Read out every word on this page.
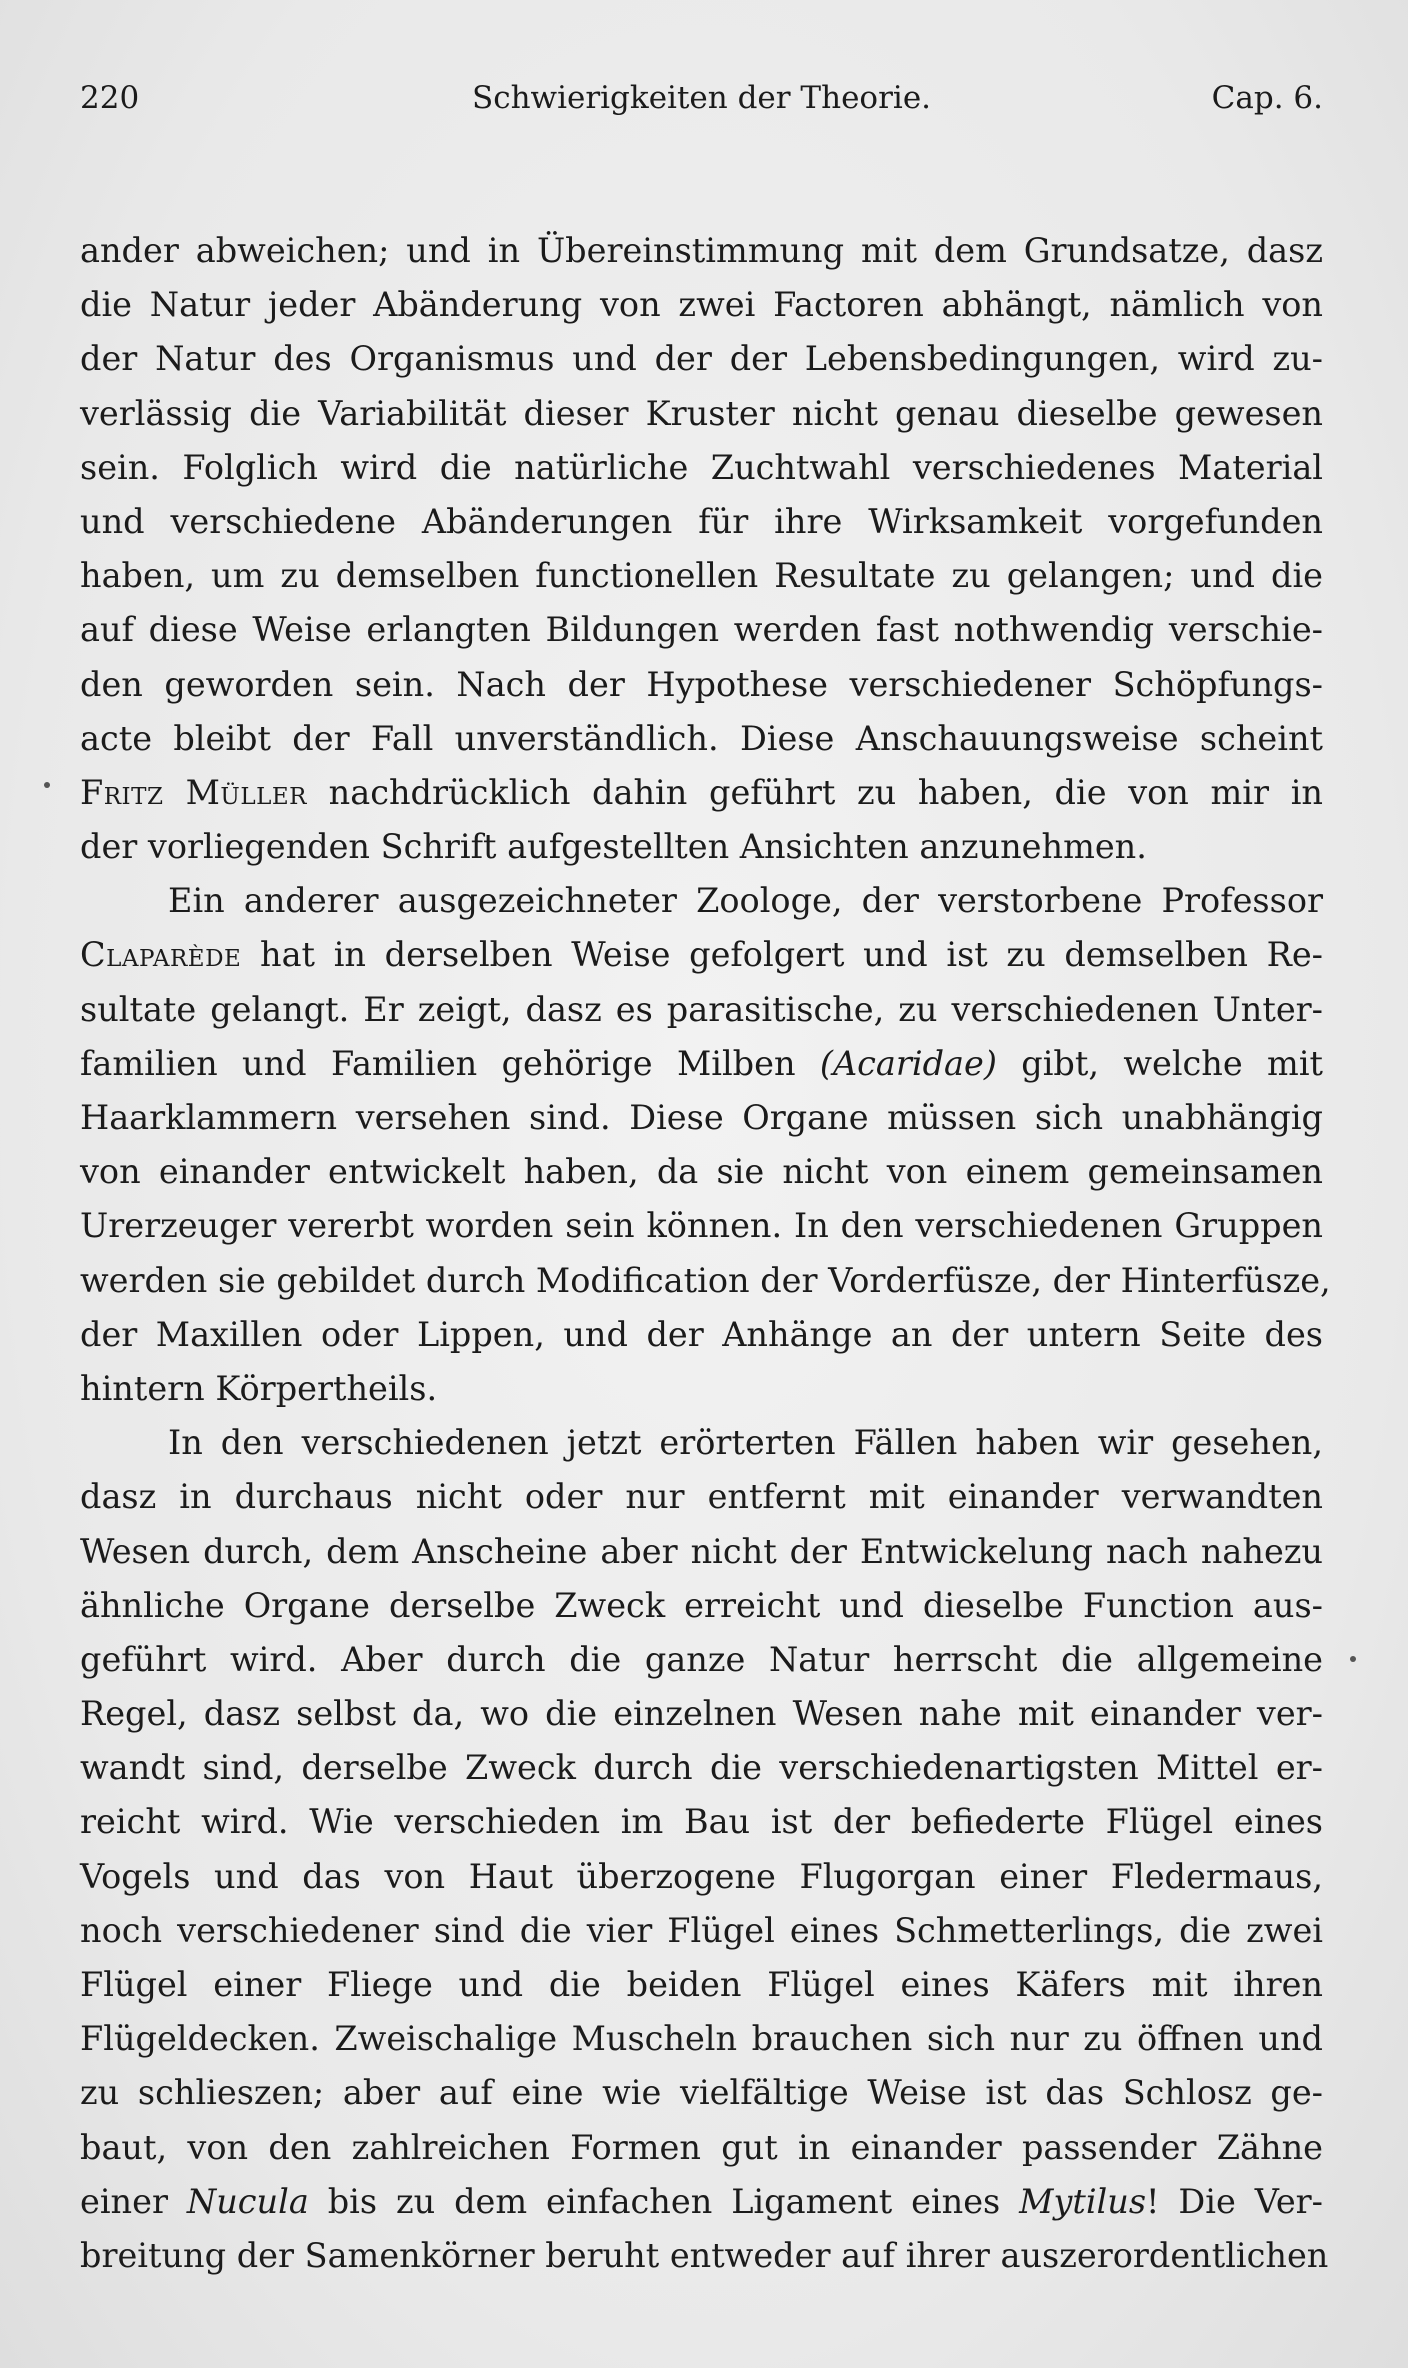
220	Schwierigkeiten der Theorie.	Cap. 6.
ander abweichen; und in Übereinstimmung mit dem Grundsatze, dasz
die Natur jeder Abänderung von zwei Factoren abhängt, nämlich von
der Natur des Organismus und der der Lebensbedingungen, wird zu-
verlässig die Variabilität dieser Kruster nicht genau dieselbe gewesen
sein. Folglich wird die natürliche Zuchtwahl verschiedenes Material
und verschiedene Abänderungen für ihre Wirksamkeit vorgefunden
haben, um zu demselben functionellen Resultate zu gelangen; und die
auf diese Weise erlangten Bildungen werden fast nothwendig verschie-
den geworden sein. Nach der Hypothese verschiedener Schöpfungs-
acte bleibt der Fall unverständlich. Diese Anschauungsweise scheint
Fritz Müller nachdrücklich dahin geführt zu haben, die von mir in
der vorliegenden Schrift aufgestellten Ansichten anzunehmen.
Ein anderer ausgezeichneter Zoologe, der verstorbene Professor
Claparède hat in derselben Weise gefolgert und ist zu demselben Re-
sultate gelangt. Er zeigt, dasz es parasitische, zu verschiedenen Unter-
familien und Familien gehörige Milben (Acaridae) gibt, welche mit
Haarklammern versehen sind. Diese Organe müssen sich unabhängig
von einander entwickelt haben, da sie nicht von einem gemeinsamen
Urerzeuger vererbt worden sein können. In den verschiedenen Gruppen
werden sie gebildet durch Modification der Vorderfüsze, der Hinterfüsze,
der Maxillen oder Lippen, und der Anhänge an der untern Seite des
hintern Körpertheils.
In den verschiedenen jetzt erörterten Fällen haben wir gesehen,
dasz in durchaus nicht oder nur entfernt mit einander verwandten
Wesen durch, dem Anscheine aber nicht der Entwickelung nach nahezu
ähnliche Organe derselbe Zweck erreicht und dieselbe Function aus-
geführt wird. Aber durch die ganze Natur herrscht die allgemeine
Regel, dasz selbst da, wo die einzelnen Wesen nahe mit einander ver-
wandt sind, derselbe Zweck durch die verschiedenartigsten Mittel er-
reicht wird. Wie verschieden im Bau ist der befiederte Flügel eines
Vogels und das von Haut überzogene Flugorgan einer Fledermaus,
noch verschiedener sind die vier Flügel eines Schmetterlings, die zwei
Flügel einer Fliege und die beiden Flügel eines Käfers mit ihren
Flügeldecken. Zweischalige Muscheln brauchen sich nur zu öffnen und
zu schlieszen; aber auf eine wie vielfältige Weise ist das Schlosz ge-
baut, von den zahlreichen Formen gut in einander passender Zähne
einer Nucula bis zu dem einfachen Ligament eines Mytilus! Die Ver-
breitung der Samenkörner beruht entweder auf ihrer auszerordentlichen
